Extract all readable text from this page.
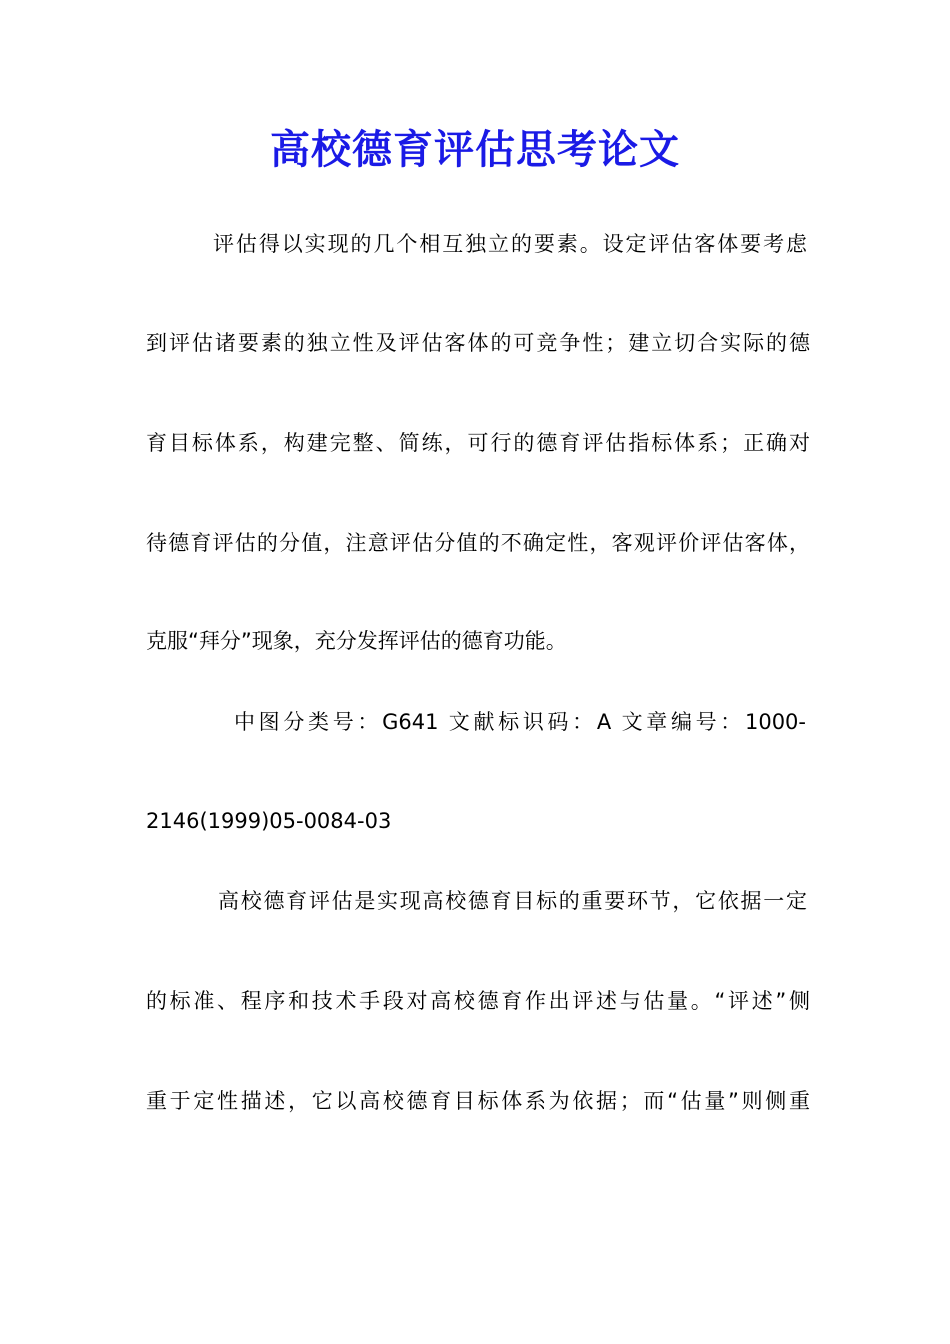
高校德育评估思考论文
评估得以实现的几个相互独立的要素。设定评估客体要考虑
到评估诸要素的独立性及评估客体的可竞争性；建立切合实际的德
育目标体系，构建完整、简练，可行的德育评估指标体系；正确对
待德育评估的分值，注意评估分值的不确定性，客观评价评估客体，
克服“拜分”现象，充分发挥评估的德育功能。
中图分类号：G641 文献标识码：A 文章编号：1000-
2146(1999)05-0084-03
高校德育评估是实现高校德育目标的重要环节，它依据一定
的标准、程序和技术手段对高校德育作出评述与估量。“评述”侧
重于定性描述，它以高校德育目标体系为依据；而“估量”则侧重
